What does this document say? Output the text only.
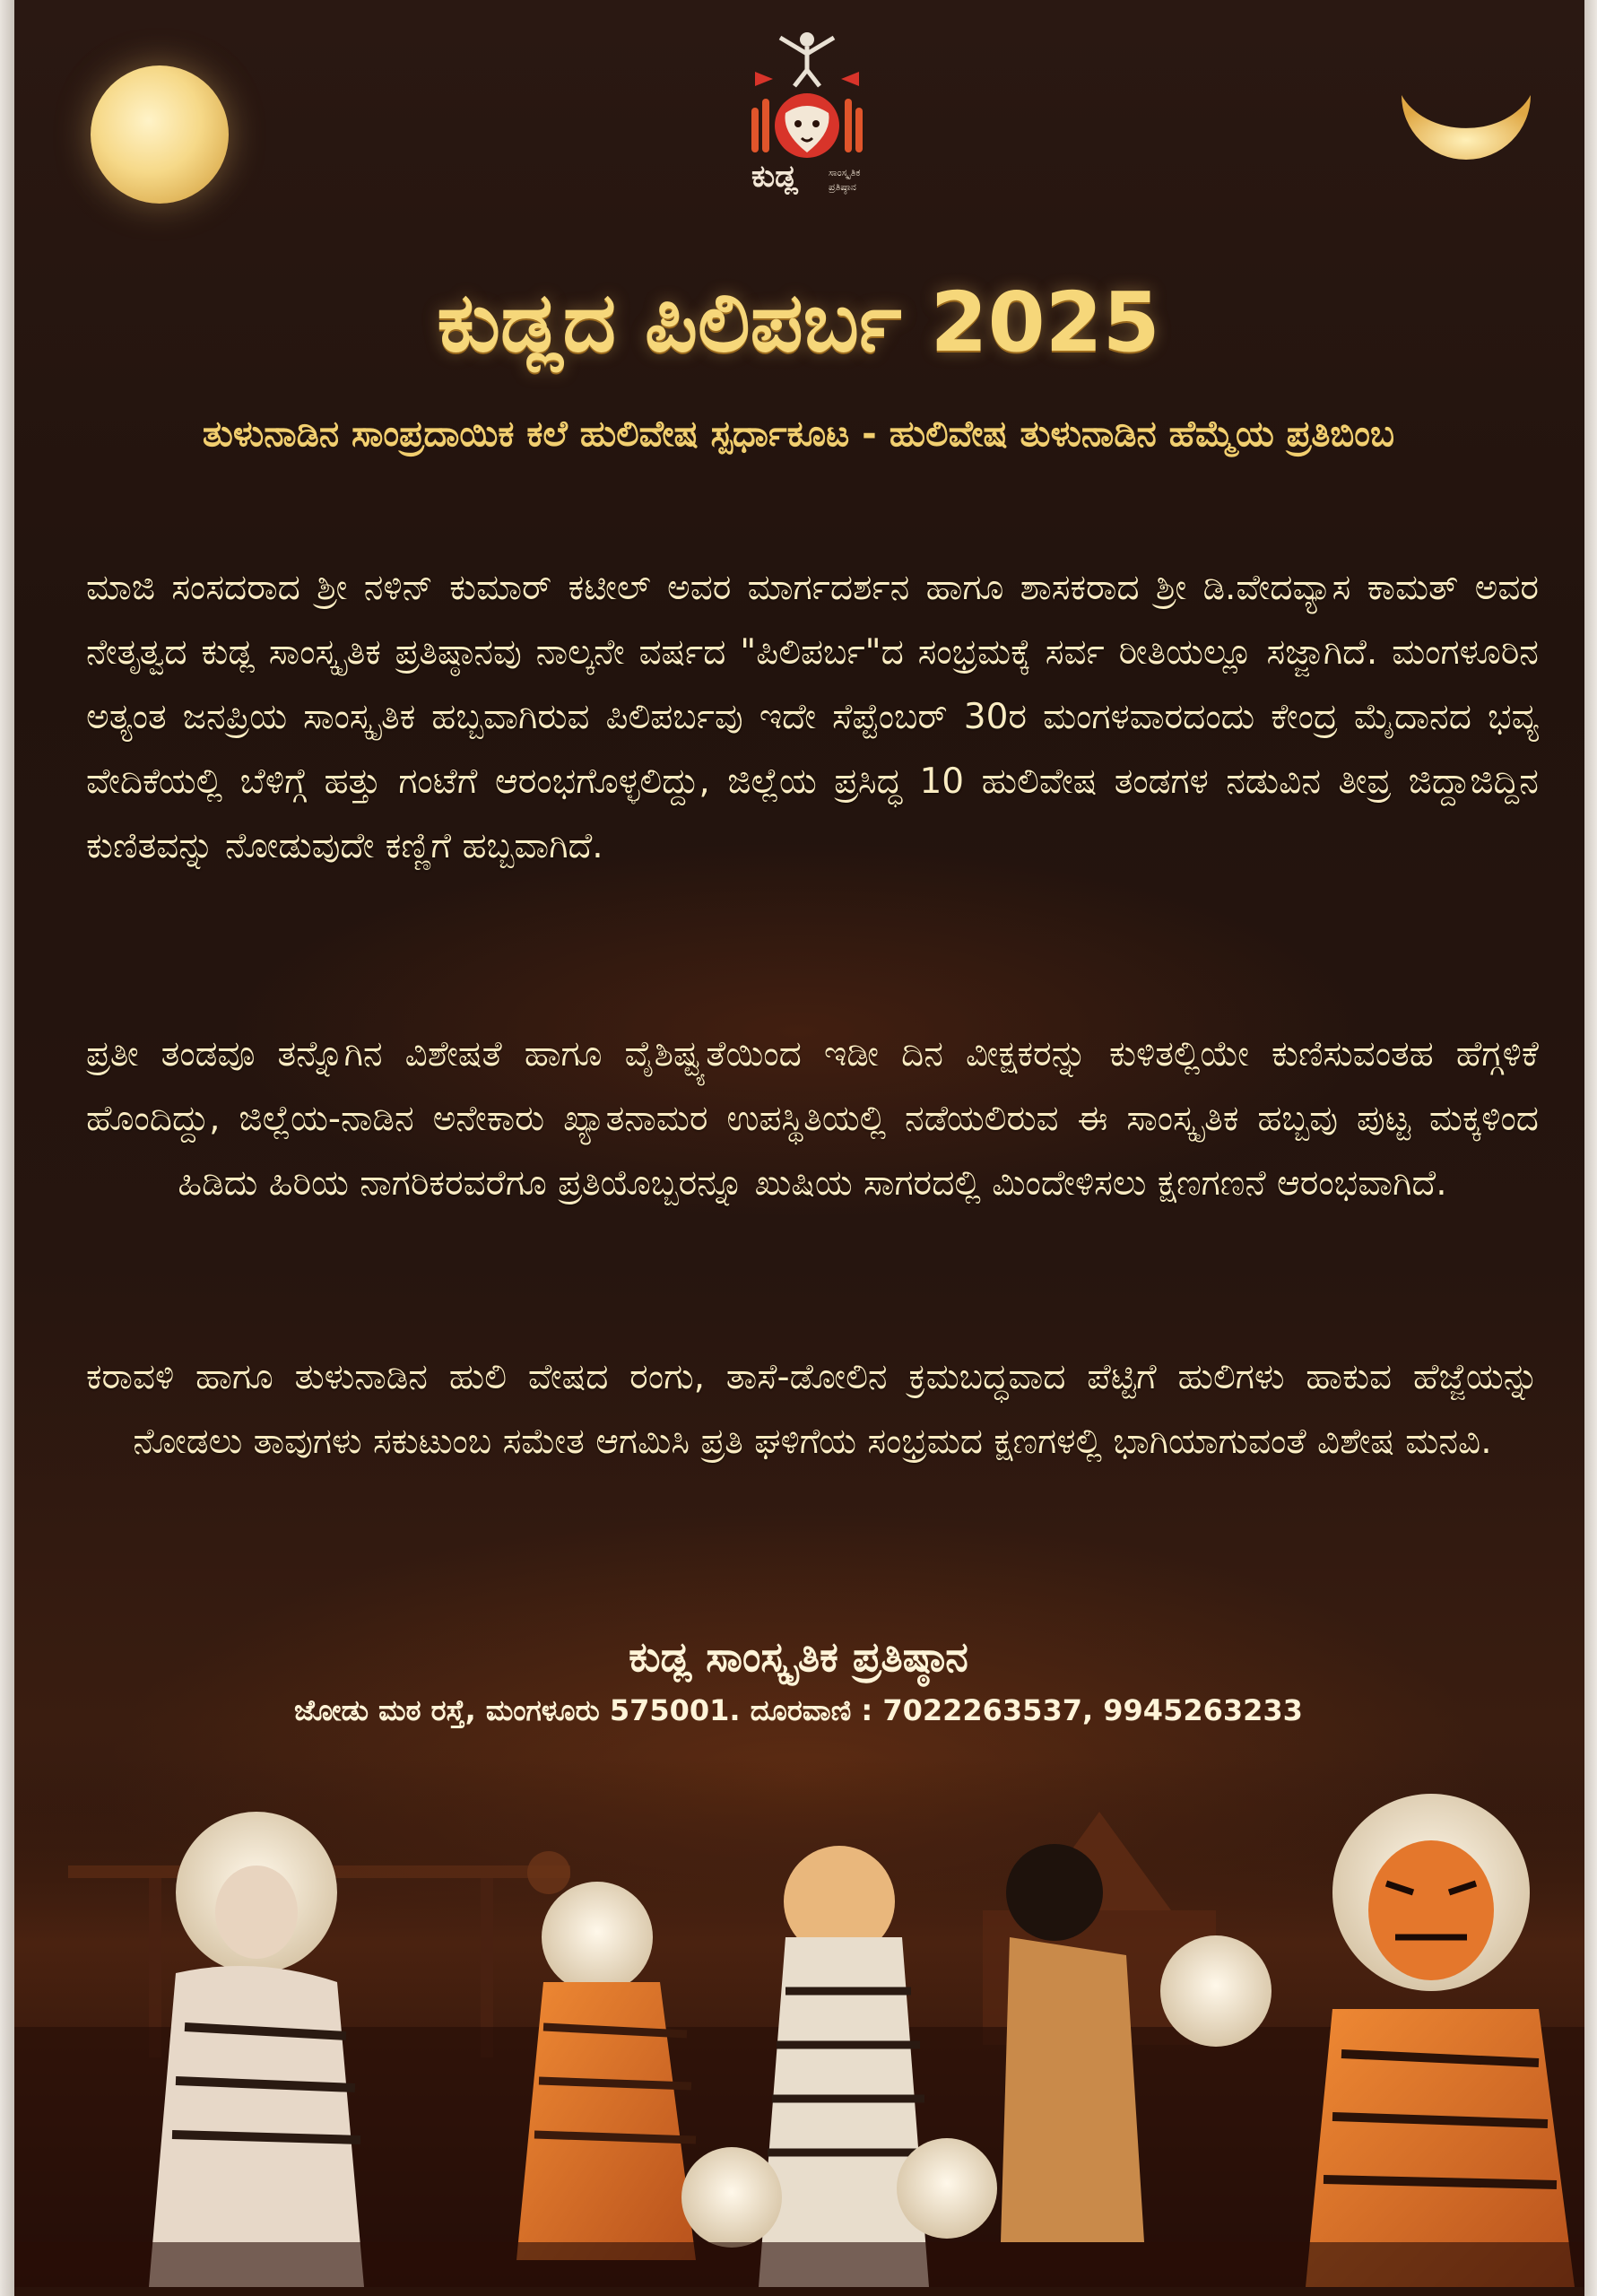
ಕುಡ್ಲ	ಸಾಂಸ್ಕೃತಿಕ
ಪ್ರತಿಷ್ಠಾನ
ಕುಡ್ಲದ ಪಿಲಿಪರ್ಬ 2025
ತುಳುನಾಡಿನ ಸಾಂಪ್ರದಾಯಿಕ ಕಲೆ ಹುಲಿವೇಷ ಸ್ಪರ್ಧಾಕೂಟ - ಹುಲಿವೇಷ ತುಳುನಾಡಿನ ಹೆಮ್ಮೆಯ ಪ್ರತಿಬಿಂಬ
ಮಾಜಿ ಸಂಸದರಾದ ಶ್ರೀ ನಳಿನ್ ಕುಮಾರ್ ಕಟೀಲ್ ಅವರ ಮಾರ್ಗದರ್ಶನ ಹಾಗೂ ಶಾಸಕರಾದ ಶ್ರೀ ಡಿ.ವೇದವ್ಯಾಸ ಕಾಮತ್ ಅವರ ನೇತೃತ್ವದ ಕುಡ್ಲ ಸಾಂಸ್ಕೃತಿಕ ಪ್ರತಿಷ್ಠಾನವು ನಾಲ್ಕನೇ ವರ್ಷದ "ಪಿಲಿಪರ್ಬ"ದ ಸಂಭ್ರಮಕ್ಕೆ ಸರ್ವ ರೀತಿಯಲ್ಲೂ ಸಜ್ಜಾಗಿದೆ. ಮಂಗಳೂರಿನ ಅತ್ಯಂತ ಜನಪ್ರಿಯ ಸಾಂಸ್ಕೃತಿಕ ಹಬ್ಬವಾಗಿರುವ ಪಿಲಿಪರ್ಬವು ಇದೇ ಸೆಪ್ಟೆಂಬರ್ 30ರ ಮಂಗಳವಾರದಂದು ಕೇಂದ್ರ ಮೈದಾನದ ಭವ್ಯ ವೇದಿಕೆಯಲ್ಲಿ ಬೆಳಿಗ್ಗೆ ಹತ್ತು ಗಂಟೆಗೆ ಆರಂಭಗೊಳ್ಳಲಿದ್ದು, ಜಿಲ್ಲೆಯ ಪ್ರಸಿದ್ಧ 10 ಹುಲಿವೇಷ ತಂಡಗಳ ನಡುವಿನ ತೀವ್ರ ಜಿದ್ದಾಜಿದ್ದಿನ ಕುಣಿತವನ್ನು ನೋಡುವುದೇ ಕಣ್ಣಿಗೆ ಹಬ್ಬವಾಗಿದೆ.
ಪ್ರತೀ ತಂಡವೂ ತನ್ನೊಗಿನ ವಿಶೇಷತೆ ಹಾಗೂ ವೈಶಿಷ್ಟ್ಯತೆಯಿಂದ ಇಡೀ ದಿನ ವೀಕ್ಷಕರನ್ನು ಕುಳಿತಲ್ಲಿಯೇ ಕುಣಿಸುವಂತಹ ಹೆಗ್ಗಳಿಕೆ ಹೊಂದಿದ್ದು, ಜಿಲ್ಲೆಯ-ನಾಡಿನ ಅನೇಕಾರು ಖ್ಯಾತನಾಮರ ಉಪಸ್ಥಿತಿಯಲ್ಲಿ ನಡೆಯಲಿರುವ ಈ ಸಾಂಸ್ಕೃತಿಕ ಹಬ್ಬವು ಪುಟ್ಟ ಮಕ್ಕಳಿಂದ ಹಿಡಿದು ಹಿರಿಯ ನಾಗರಿಕರವರೆಗೂ ಪ್ರತಿಯೊಬ್ಬರನ್ನೂ ಖುಷಿಯ ಸಾಗರದಲ್ಲಿ ಮಿಂದೇಳಿಸಲು ಕ್ಷಣಗಣನೆ ಆರಂಭವಾಗಿದೆ.
ಕರಾವಳಿ ಹಾಗೂ ತುಳುನಾಡಿನ ಹುಲಿ ವೇಷದ ರಂಗು, ತಾಸೆ-ಡೋಲಿನ ಕ್ರಮಬದ್ಧವಾದ ಪೆಟ್ಟಿಗೆ ಹುಲಿಗಳು ಹಾಕುವ ಹೆಜ್ಜೆಯನ್ನು ನೋಡಲು ತಾವುಗಳು ಸಕುಟುಂಬ ಸಮೇತ ಆಗಮಿಸಿ ಪ್ರತಿ ಘಳಿಗೆಯ ಸಂಭ್ರಮದ ಕ್ಷಣಗಳಲ್ಲಿ ಭಾಗಿಯಾಗುವಂತೆ ವಿಶೇಷ ಮನವಿ.
ಕುಡ್ಲ ಸಾಂಸ್ಕೃತಿಕ ಪ್ರತಿಷ್ಠಾನ
ಜೋಡು ಮಠ ರಸ್ತೆ, ಮಂಗಳೂರು 575001. ದೂರವಾಣಿ : 7022263537, 9945263233
